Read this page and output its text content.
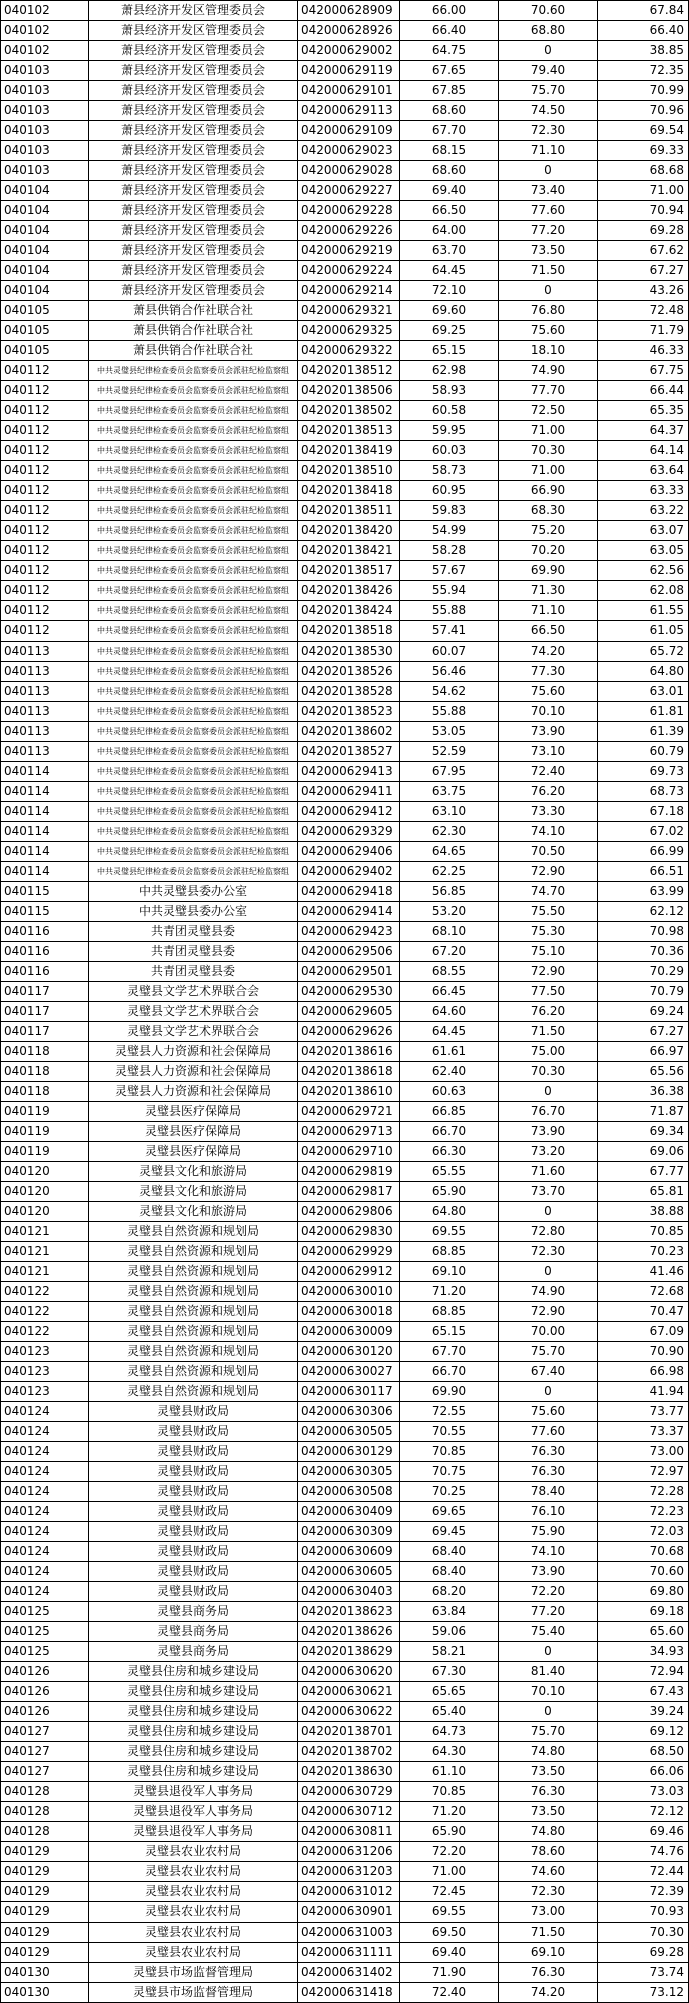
040102	萧县经济开发区管理委员会	042000628909	66.00	70.60	67.84
040102	萧县经济开发区管理委员会	042000628926	66.40	68.80	66.40
040102	萧县经济开发区管理委员会	042000629002	64.75	0	38.85
040103	萧县经济开发区管理委员会	042000629119	67.65	79.40	72.35
040103	萧县经济开发区管理委员会	042000629101	67.85	75.70	70.99
040103	萧县经济开发区管理委员会	042000629113	68.60	74.50	70.96
040103	萧县经济开发区管理委员会	042000629109	67.70	72.30	69.54
040103	萧县经济开发区管理委员会	042000629023	68.15	71.10	69.33
040103	萧县经济开发区管理委员会	042000629028	68.60	0	68.68
040104	萧县经济开发区管理委员会	042000629227	69.40	73.40	71.00
040104	萧县经济开发区管理委员会	042000629228	66.50	77.60	70.94
040104	萧县经济开发区管理委员会	042000629226	64.00	77.20	69.28
040104	萧县经济开发区管理委员会	042000629219	63.70	73.50	67.62
040104	萧县经济开发区管理委员会	042000629224	64.45	71.50	67.27
040104	萧县经济开发区管理委员会	042000629214	72.10	0	43.26
040105	萧县供销合作社联合社	042000629321	69.60	76.80	72.48
040105	萧县供销合作社联合社	042000629325	69.25	75.60	71.79
040105	萧县供销合作社联合社	042000629322	65.15	18.10	46.33
040112	中共灵璧县纪律检查委员会监察委员会派驻纪检监察组	042020138512	62.98	74.90	67.75
040112	中共灵璧县纪律检查委员会监察委员会派驻纪检监察组	042020138506	58.93	77.70	66.44
040112	中共灵璧县纪律检查委员会监察委员会派驻纪检监察组	042020138502	60.58	72.50	65.35
040112	中共灵璧县纪律检查委员会监察委员会派驻纪检监察组	042020138513	59.95	71.00	64.37
040112	中共灵璧县纪律检查委员会监察委员会派驻纪检监察组	042020138419	60.03	70.30	64.14
040112	中共灵璧县纪律检查委员会监察委员会派驻纪检监察组	042020138510	58.73	71.00	63.64
040112	中共灵璧县纪律检查委员会监察委员会派驻纪检监察组	042020138418	60.95	66.90	63.33
040112	中共灵璧县纪律检查委员会监察委员会派驻纪检监察组	042020138511	59.83	68.30	63.22
040112	中共灵璧县纪律检查委员会监察委员会派驻纪检监察组	042020138420	54.99	75.20	63.07
040112	中共灵璧县纪律检查委员会监察委员会派驻纪检监察组	042020138421	58.28	70.20	63.05
040112	中共灵璧县纪律检查委员会监察委员会派驻纪检监察组	042020138517	57.67	69.90	62.56
040112	中共灵璧县纪律检查委员会监察委员会派驻纪检监察组	042020138426	55.94	71.30	62.08
040112	中共灵璧县纪律检查委员会监察委员会派驻纪检监察组	042020138424	55.88	71.10	61.55
040112	中共灵璧县纪律检查委员会监察委员会派驻纪检监察组	042020138518	57.41	66.50	61.05
040113	中共灵璧县纪律检查委员会监察委员会派驻纪检监察组	042020138530	60.07	74.20	65.72
040113	中共灵璧县纪律检查委员会监察委员会派驻纪检监察组	042020138526	56.46	77.30	64.80
040113	中共灵璧县纪律检查委员会监察委员会派驻纪检监察组	042020138528	54.62	75.60	63.01
040113	中共灵璧县纪律检查委员会监察委员会派驻纪检监察组	042020138523	55.88	70.10	61.81
040113	中共灵璧县纪律检查委员会监察委员会派驻纪检监察组	042020138602	53.05	73.90	61.39
040113	中共灵璧县纪律检查委员会监察委员会派驻纪检监察组	042020138527	52.59	73.10	60.79
040114	中共灵璧县纪律检查委员会监察委员会派驻纪检监察组	042000629413	67.95	72.40	69.73
040114	中共灵璧县纪律检查委员会监察委员会派驻纪检监察组	042000629411	63.75	76.20	68.73
040114	中共灵璧县纪律检查委员会监察委员会派驻纪检监察组	042000629412	63.10	73.30	67.18
040114	中共灵璧县纪律检查委员会监察委员会派驻纪检监察组	042000629329	62.30	74.10	67.02
040114	中共灵璧县纪律检查委员会监察委员会派驻纪检监察组	042000629406	64.65	70.50	66.99
040114	中共灵璧县纪律检查委员会监察委员会派驻纪检监察组	042000629402	62.25	72.90	66.51
040115	中共灵璧县委办公室	042000629418	56.85	74.70	63.99
040115	中共灵璧县委办公室	042000629414	53.20	75.50	62.12
040116	共青团灵璧县委	042000629423	68.10	75.30	70.98
040116	共青团灵璧县委	042000629506	67.20	75.10	70.36
040116	共青团灵璧县委	042000629501	68.55	72.90	70.29
040117	灵璧县文学艺术界联合会	042000629530	66.45	77.50	70.79
040117	灵璧县文学艺术界联合会	042000629605	64.60	76.20	69.24
040117	灵璧县文学艺术界联合会	042000629626	64.45	71.50	67.27
040118	灵璧县人力资源和社会保障局	042020138616	61.61	75.00	66.97
040118	灵璧县人力资源和社会保障局	042020138618	62.40	70.30	65.56
040118	灵璧县人力资源和社会保障局	042020138610	60.63	0	36.38
040119	灵璧县医疗保障局	042000629721	66.85	76.70	71.87
040119	灵璧县医疗保障局	042000629713	66.70	73.90	69.34
040119	灵璧县医疗保障局	042000629710	66.30	73.20	69.06
040120	灵璧县文化和旅游局	042000629819	65.55	71.60	67.77
040120	灵璧县文化和旅游局	042000629817	65.90	73.70	65.81
040120	灵璧县文化和旅游局	042000629806	64.80	0	38.88
040121	灵璧县自然资源和规划局	042000629830	69.55	72.80	70.85
040121	灵璧县自然资源和规划局	042000629929	68.85	72.30	70.23
040121	灵璧县自然资源和规划局	042000629912	69.10	0	41.46
040122	灵璧县自然资源和规划局	042000630010	71.20	74.90	72.68
040122	灵璧县自然资源和规划局	042000630018	68.85	72.90	70.47
040122	灵璧县自然资源和规划局	042000630009	65.15	70.00	67.09
040123	灵璧县自然资源和规划局	042000630120	67.70	75.70	70.90
040123	灵璧县自然资源和规划局	042000630027	66.70	67.40	66.98
040123	灵璧县自然资源和规划局	042000630117	69.90	0	41.94
040124	灵璧县财政局	042000630306	72.55	75.60	73.77
040124	灵璧县财政局	042000630505	70.55	77.60	73.37
040124	灵璧县财政局	042000630129	70.85	76.30	73.00
040124	灵璧县财政局	042000630305	70.75	76.30	72.97
040124	灵璧县财政局	042000630508	70.25	78.40	72.28
040124	灵璧县财政局	042000630409	69.65	76.10	72.23
040124	灵璧县财政局	042000630309	69.45	75.90	72.03
040124	灵璧县财政局	042000630609	68.40	74.10	70.68
040124	灵璧县财政局	042000630605	68.40	73.90	70.60
040124	灵璧县财政局	042000630403	68.20	72.20	69.80
040125	灵璧县商务局	042020138623	63.84	77.20	69.18
040125	灵璧县商务局	042020138626	59.06	75.40	65.60
040125	灵璧县商务局	042020138629	58.21	0	34.93
040126	灵璧县住房和城乡建设局	042000630620	67.30	81.40	72.94
040126	灵璧县住房和城乡建设局	042000630621	65.65	70.10	67.43
040126	灵璧县住房和城乡建设局	042000630622	65.40	0	39.24
040127	灵璧县住房和城乡建设局	042020138701	64.73	75.70	69.12
040127	灵璧县住房和城乡建设局	042020138702	64.30	74.80	68.50
040127	灵璧县住房和城乡建设局	042020138630	61.10	73.50	66.06
040128	灵璧县退役军人事务局	042000630729	70.85	76.30	73.03
040128	灵璧县退役军人事务局	042000630712	71.20	73.50	72.12
040128	灵璧县退役军人事务局	042000630811	65.90	74.80	69.46
040129	灵璧县农业农村局	042000631206	72.20	78.60	74.76
040129	灵璧县农业农村局	042000631203	71.00	74.60	72.44
040129	灵璧县农业农村局	042000631012	72.45	72.30	72.39
040129	灵璧县农业农村局	042000630901	69.55	73.00	70.93
040129	灵璧县农业农村局	042000631003	69.50	71.50	70.30
040129	灵璧县农业农村局	042000631111	69.40	69.10	69.28
040130	灵璧县市场监督管理局	042000631402	71.90	76.30	73.74
040130	灵璧县市场监督管理局	042000631418	72.40	74.20	73.12
